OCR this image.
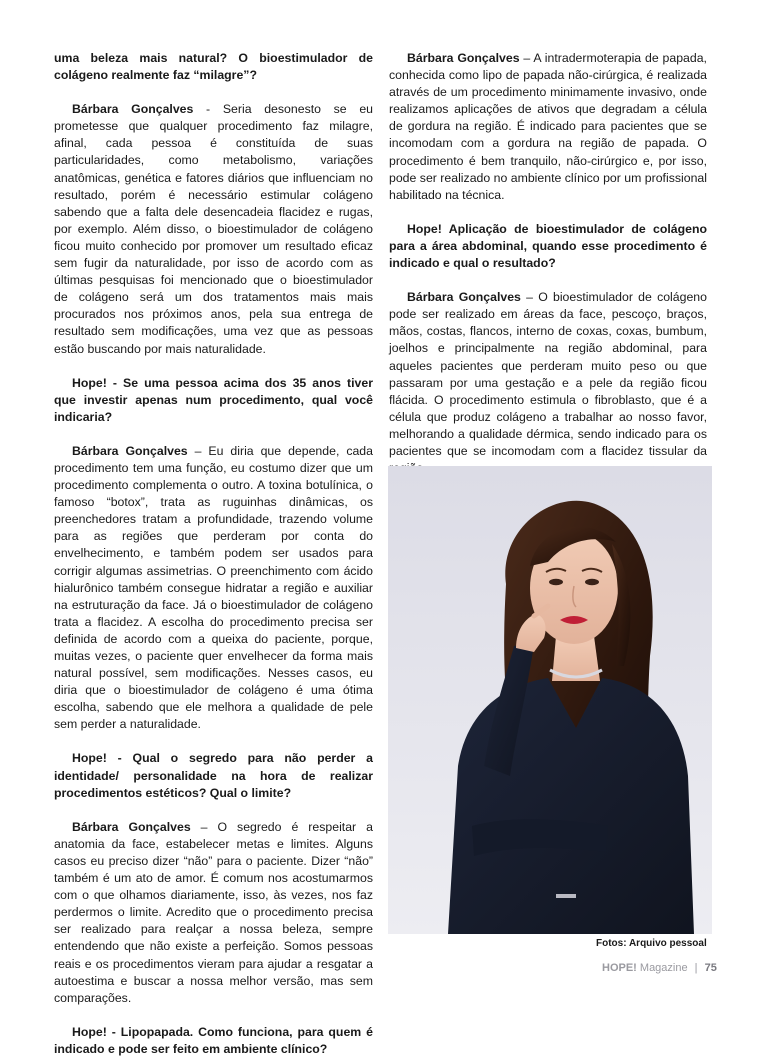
uma beleza mais natural? O bioestimulador de colágeno realmente faz “milagre”?

Bárbara Gonçalves - Seria desonesto se eu prometesse que qualquer procedimento faz milagre, afinal, cada pessoa é constituída de suas particularidades, como metabolismo, variações anatômicas, genética e fatores diários que influenciam no resultado, porém é necessário estimular colágeno sabendo que a falta dele desencadeia flacidez e rugas, por exemplo. Além disso, o bioestimulador de colágeno ficou muito conhecido por promover um resultado eficaz sem fugir da naturalidade, por isso de acordo com as últimas pesquisas foi mencionado que o bioestimulador de colágeno será um dos tratamentos mais mais procurados nos próximos anos, pela sua entrega de resultado sem modificações, uma vez que as pessoas estão buscando por mais naturalidade.

Hope! - Se uma pessoa acima dos 35 anos tiver que investir apenas num procedimento, qual você indicaria?

Bárbara Gonçalves – Eu diria que depende, cada procedimento tem uma função, eu costumo dizer que um procedimento complementa o outro. A toxina botulínica, o famoso “botox”, trata as ruguinhas dinâmicas, os preenchedores tratam a profundidade, trazendo volume para as regiões que perderam por conta do envelhecimento, e também podem ser usados para corrigir algumas assimetrias. O preenchimento com ácido hialurônico também consegue hidratar a região e auxiliar na estruturação da face. Já o bioestimulador de colágeno trata a flacidez. A escolha do procedimento precisa ser definida de acordo com a queixa do paciente, porque, muitas vezes, o paciente quer envelhecer da forma mais natural possível, sem modificações. Nesses casos, eu diria que o bioestimulador de colágeno é uma ótima escolha, sabendo que ele melhora a qualidade de pele sem perder a naturalidade.

Hope! - Qual o segredo para não perder a identidade/ personalidade na hora de realizar procedimentos estéticos? Qual o limite?

Bárbara Gonçalves – O segredo é respeitar a anatomia da face, estabelecer metas e limites. Alguns casos eu preciso dizer “não” para o paciente. Dizer “não” também é um ato de amor. É comum nos acostumarmos com o que olhamos diariamente, isso, às vezes, nos faz perdermos o limite. Acredito que o procedimento precisa ser realizado para realçar a nossa beleza, sempre entendendo que não existe a perfeição. Somos pessoas reais e os procedimentos vieram para ajudar a resgatar a autoestima e buscar a nossa melhor versão, mas sem comparações.

Hope! - Lipopapada. Como funciona, para quem é indicado e pode ser feito em ambiente clínico?

Bárbara Gonçalves – A intradermoterapia de papada, conhecida como lipo de papada não-cirúrgica, é realizada através de um procedimento minimamente invasivo, onde realizamos aplicações de ativos que degradam a célula de gordura na região. É indicado para pacientes que se incomodam com a gordura na região de papada. O procedimento é bem tranquilo, não-cirúrgico e, por isso, pode ser realizado no ambiente clínico por um profissional habilitado na técnica.

Hope! Aplicação de bioestimulador de colágeno para a área abdominal, quando esse procedimento é indicado e qual o resultado?

Bárbara Gonçalves – O bioestimulador de colágeno pode ser realizado em áreas da face, pescoço, braços, mãos, costas, flancos, interno de coxas, coxas, bumbum, joelhos e principalmente na região abdominal, para aqueles pacientes que perderam muito peso ou que passaram por uma gestação e a pele da região ficou flácida. O procedimento estimula o fibroblasto, que é a célula que produz colágeno a trabalhar ao nosso favor, melhorando a qualidade dérmica, sendo indicado para os pacientes que se incomodam com a flacidez tissular da

Fotos: Arquivo pessoal
HOPE! Magazine | 75
